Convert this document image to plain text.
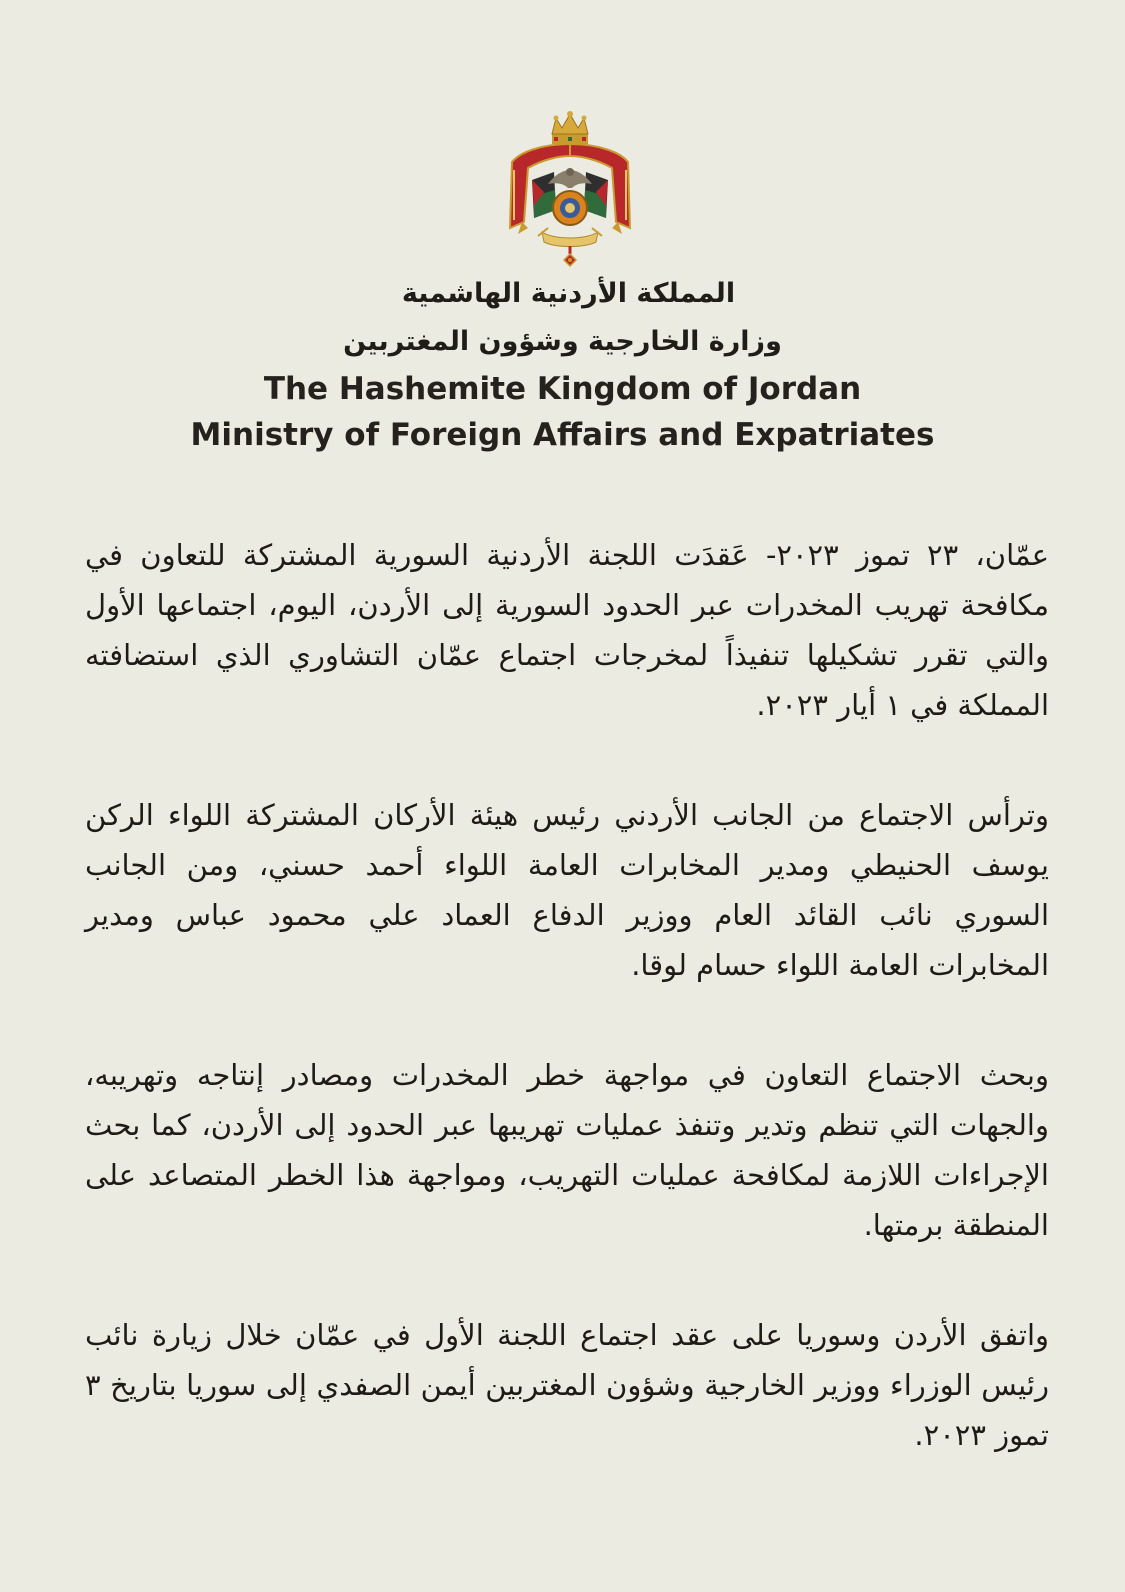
المملكة الأردنية الهاشمية
وزارة الخارجية وشؤون المغتربين
The Hashemite Kingdom of Jordan
Ministry of Foreign Affairs and Expatriates

عمّان، ٢٣ تموز ٢٠٢٣- عَقدَت اللجنة الأردنية السورية المشتركة للتعاون في مكافحة تهريب المخدرات عبر الحدود السورية إلى الأردن، اليوم، اجتماعها الأول والتي تقرر تشكيلها تنفيذاً لمخرجات اجتماع عمّان التشاوري الذي استضافته المملكة في ١ أيار ٢٠٢٣.

وترأس الاجتماع من الجانب الأردني رئيس هيئة الأركان المشتركة اللواء الركن يوسف الحنيطي ومدير المخابرات العامة اللواء أحمد حسني، ومن الجانب السوري نائب القائد العام ووزير الدفاع العماد علي محمود عباس ومدير المخابرات العامة اللواء حسام لوقا.

وبحث الاجتماع التعاون في مواجهة خطر المخدرات ومصادر إنتاجه وتهريبه، والجهات التي تنظم وتدير وتنفذ عمليات تهريبها عبر الحدود إلى الأردن، كما بحث الإجراءات اللازمة لمكافحة عمليات التهريب، ومواجهة هذا الخطر المتصاعد على المنطقة برمتها.

واتفق الأردن وسوريا على عقد اجتماع اللجنة الأول في عمّان خلال زيارة نائب رئيس الوزراء ووزير الخارجية وشؤون المغتربين أيمن الصفدي إلى سوريا بتاريخ ٣ تموز ٢٠٢٣.
